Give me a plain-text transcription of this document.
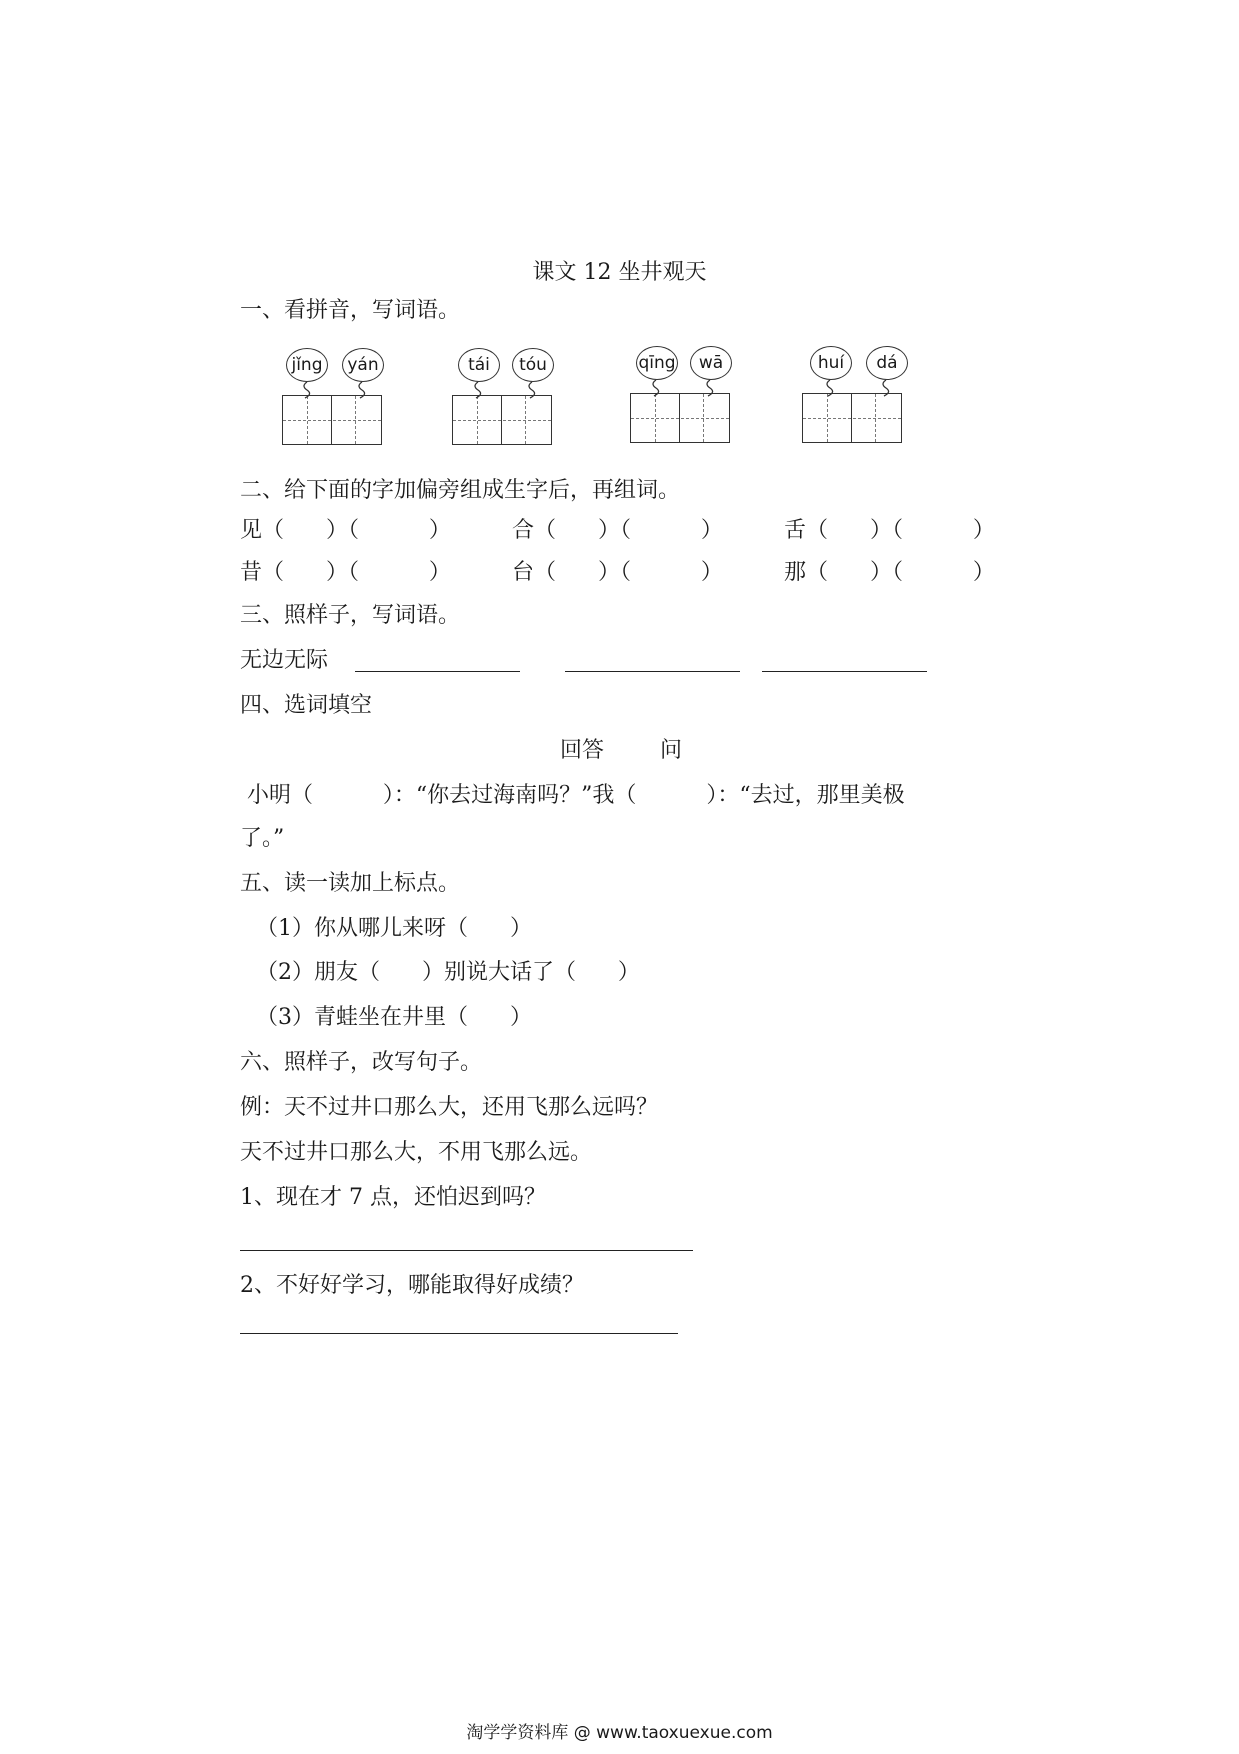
课文 12 坐井观天
一、看拼音，写词语。
jǐng	yán	tái	tóu	qīng	wā	huí	dá
二、给下面的字加偏旁组成生字后，再组词。
见（      ）（          ）	合（      ）（          ）	舌（      ）（          ）
昔（      ）（          ）	台（      ）（          ）	那（      ）（          ）
三、照样子，写词语。
无边无际
四、选词填空
回答        问
小明（          ）：“你去过海南吗？”我（          ）：“去过，那里美极
了。”
五、读一读加上标点。
（1）你从哪儿来呀（      ）
（2）朋友（      ）别说大话了（      ）
（3）青蛙坐在井里（      ）
六、照样子，改写句子。
例：天不过井口那么大，还用飞那么远吗？
天不过井口那么大，不用飞那么远。
1、现在才 7 点，还怕迟到吗？
2、不好好学习，哪能取得好成绩？
淘学学资料库 @ www.taoxuexue.com
